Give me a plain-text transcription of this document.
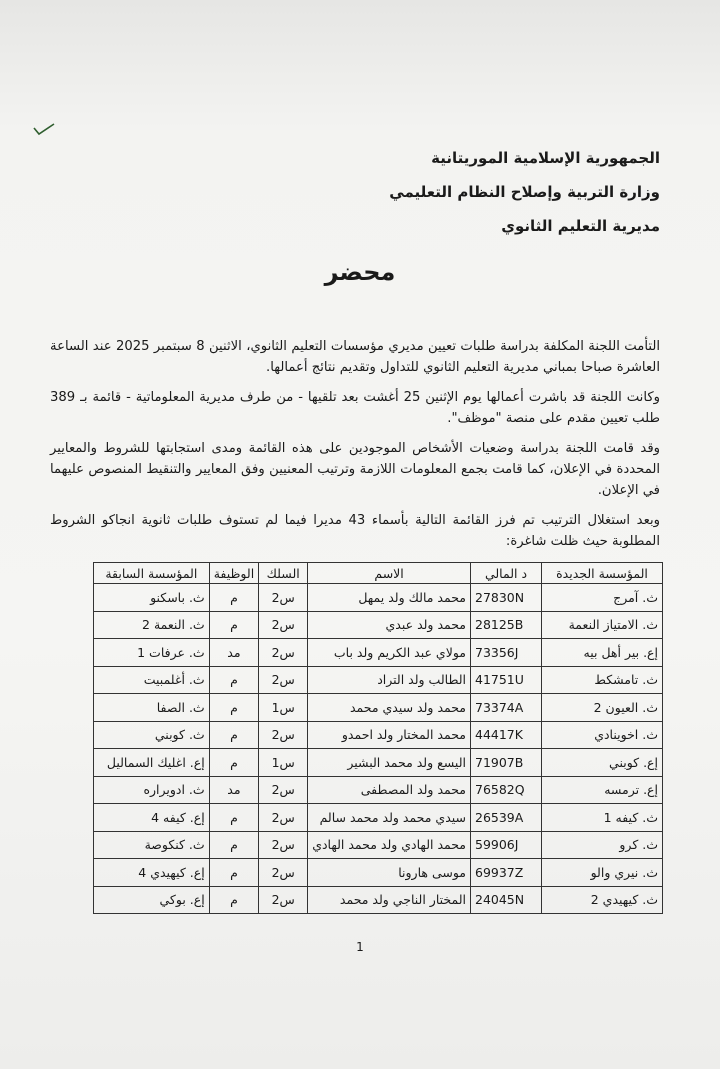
الجمهورية الإسلامية الموريتانية
وزارة التربية وإصلاح النظام التعليمي
مديرية التعليم الثانوي
محضر

التأمت اللجنة المكلفة بدراسة طلبات تعيين مديري مؤسسات التعليم الثانوي، الاثنين 8 سبتمبر 2025 عند الساعة العاشرة صباحا بمباني مديرية التعليم الثانوي للتداول وتقديم نتائج أعمالها.

وكانت اللجنة قد باشرت أعمالها يوم الإثنين 25 أغشت بعد تلقيها - من طرف مديرية المعلوماتية - قائمة بـ 389 طلب تعيين مقدم على منصة "موظف".

وقد قامت اللجنة بدراسة وضعيات الأشخاص الموجودين على هذه القائمة ومدى استجابتها للشروط والمعايير المحددة في الإعلان، كما قامت بجمع المعلومات اللازمة وترتيب المعنيين وفق المعايير والتنقيط المنصوص عليهما في الإعلان.

وبعد استغلال الترتيب تم فرز القائمة التالية بأسماء 43 مديرا فيما لم تستوف طلبات ثانوية انجاكو الشروط المطلوبة حيث ظلت شاغرة:

المؤسسة الجديدة	د المالي	الاسم	السلك	الوظيفة	المؤسسة السابقة
ث. آمرج	27830N	محمد مالك ولد يمهل	س2	م	ث. باسكنو
ث. الامتياز النعمة	28125B	محمد ولد عبدي	س2	م	ث. النعمة 2
إع. بير أهل بيه	73356J	مولاي عبد الكريم ولد باب	س2	مد	ث. عرفات 1
ث. تامشكط	41751U	الطالب ولد التراد	س2	م	ث. أغلمبيت
ث. العيون 2	73374A	محمد ولد سيدي محمد	س1	م	ث. الصفا
ث. اخوينادي	44417K	محمد المختار ولد احمدو	س2	م	ث. كوبني
إع. كوبني	71907B	اليسع ولد محمد البشير	س1	م	إع. اغليك السماليل
إع. ترمسه	76582Q	محمد ولد المصطفى	س2	مد	ث. ادويراره
ث. كيفه 1	26539A	سيدي محمد ولد محمد سالم	س2	م	إع. كيفه 4
ث. كرو	59906J	محمد الهادي ولد محمد الهادي	س2	م	ث. كنكوصة
ث. نيري والو	69937Z	موسى هارونا	س2	م	إع. كيهيدي 4
ث. كيهيدي 2	24045N	المختار الناجي ولد محمد	س2	م	إع. بوكي
1
